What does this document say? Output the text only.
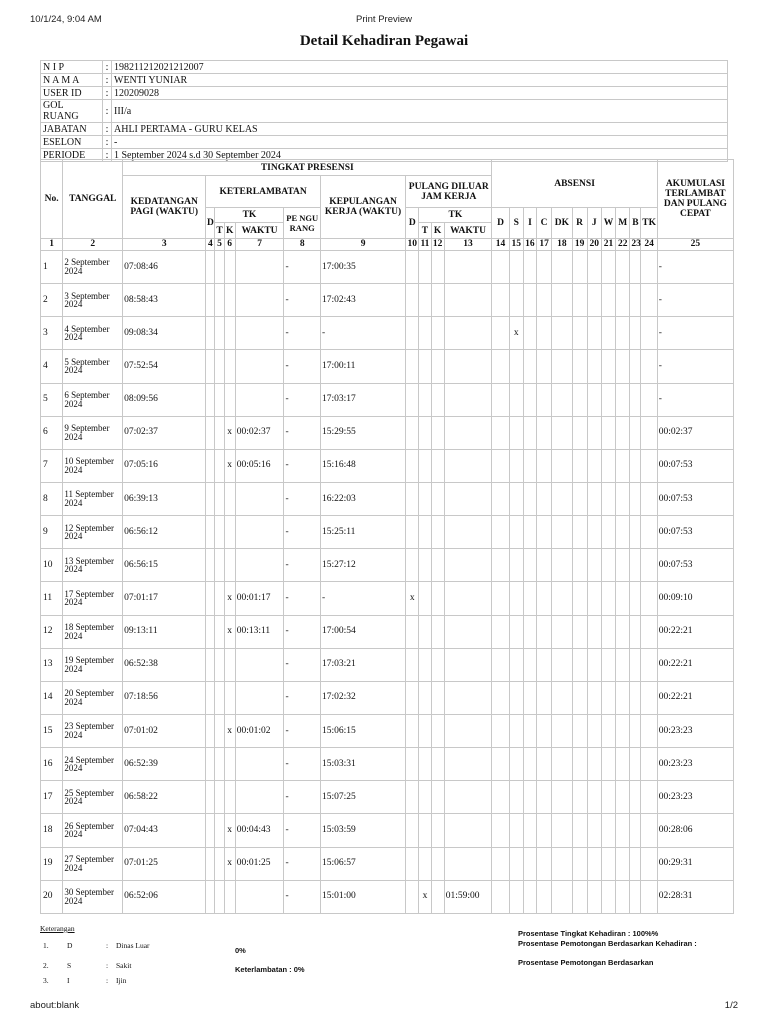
10/1/24, 9:04 AM	Print Preview
Detail Kehadiran Pegawai
N I P	:	198211212021212007
N A M A	:	WENTI YUNIAR
USER ID	:	120209028
GOL RUANG	:	III/a
JABATAN	:	AHLI PERTAMA - GURU KELAS
ESELON	:	-
PERIODE	:	1 September 2024 s.d 30 September 2024
No.	TANGGAL	TINGKAT PRESENSI											ABSENSI											AKUMULASI TERLAMBAT DAN PULANG CEPAT
		KEDATANGAN PAGI (WAKTU)	KETERLAMBATAN					KEPULANGAN KERJA (WAKTU)	PULANG DILUAR JAM KERJA															
			D	TK			PE NGU RANG		D	TK			D	S	I	C	DK	R	J	W	M	B	TK	
				T	K	WAKTU				T	K	WAKTU												
1	2	3	4	5	6	7	8	9	10	11	12	13	14	15	16	17	18	19	20	21	22	23	24	25
1	2 September 2024	07:08:46					-	17:00:35																-
2	3 September 2024	08:58:43					-	17:02:43																-
3	4 September 2024	09:08:34					-	-						x										-
4	5 September 2024	07:52:54					-	17:00:11																-
5	6 September 2024	08:09:56					-	17:03:17																-
6	9 September 2024	07:02:37			x	00:02:37	-	15:29:55																00:02:37
7	10 September 2024	07:05:16			x	00:05:16	-	15:16:48																00:07:53
8	11 September 2024	06:39:13					-	16:22:03																00:07:53
9	12 September 2024	06:56:12					-	15:25:11																00:07:53
10	13 September 2024	06:56:15					-	15:27:12																00:07:53
11	17 September 2024	07:01:17			x	00:01:17	-	-	x															00:09:10
12	18 September 2024	09:13:11			x	00:13:11	-	17:00:54																00:22:21
13	19 September 2024	06:52:38					-	17:03:21																00:22:21
14	20 September 2024	07:18:56					-	17:02:32																00:22:21
15	23 September 2024	07:01:02			x	00:01:02	-	15:06:15																00:23:23
16	24 September 2024	06:52:39					-	15:03:31																00:23:23
17	25 September 2024	06:58:22					-	15:07:25																00:23:23
18	26 September 2024	07:04:43			x	00:04:43	-	15:03:59																00:28:06
19	27 September 2024	07:01:25			x	00:01:25	-	15:06:57																00:29:31
20	30 September 2024	06:52:06					-	15:01:00		x		01:59:00												02:28:31
Keterangan
1. D	: Dinas Luar
2. S	: Sakit
3. I	: Ijin
0%
Keterlambatan : 0%
Prosentase Tingkat Kehadiran : 100%%
Prosentase Pemotongan Berdasarkan Kehadiran :
Prosentase Pemotongan Berdasarkan
about:blank	1/2
